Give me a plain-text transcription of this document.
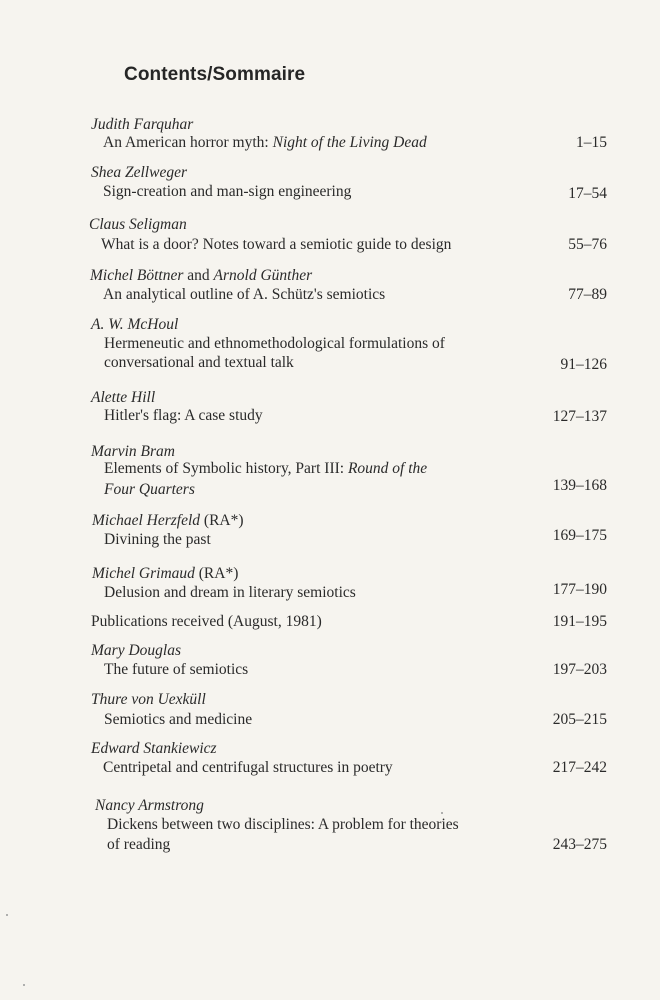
Contents/Sommaire
Judith Farquhar
An American horror myth: Night of the Living Dead	1–15
Shea Zellweger
Sign-creation and man-sign engineering	17–54
Claus Seligman
What is a door? Notes toward a semiotic guide to design	55–76
Michel Böttner and Arnold Günther
An analytical outline of A. Schütz's semiotics	77–89
A. W. McHoul
Hermeneutic and ethnomethodological formulations of
conversational and textual talk	91–126
Alette Hill
Hitler's flag: A case study	127–137
Marvin Bram
Elements of Symbolic history, Part III: Round of the
Four Quarters	139–168
Michael Herzfeld (RA*)
Divining the past	169–175
Michel Grimaud (RA*)
Delusion and dream in literary semiotics	177–190
Publications received (August, 1981)	191–195
Mary Douglas
The future of semiotics	197–203
Thure von Uexküll
Semiotics and medicine	205–215
Edward Stankiewicz
Centripetal and centrifugal structures in poetry	217–242
Nancy Armstrong
Dickens between two disciplines: A problem for theories
of reading	243–275
